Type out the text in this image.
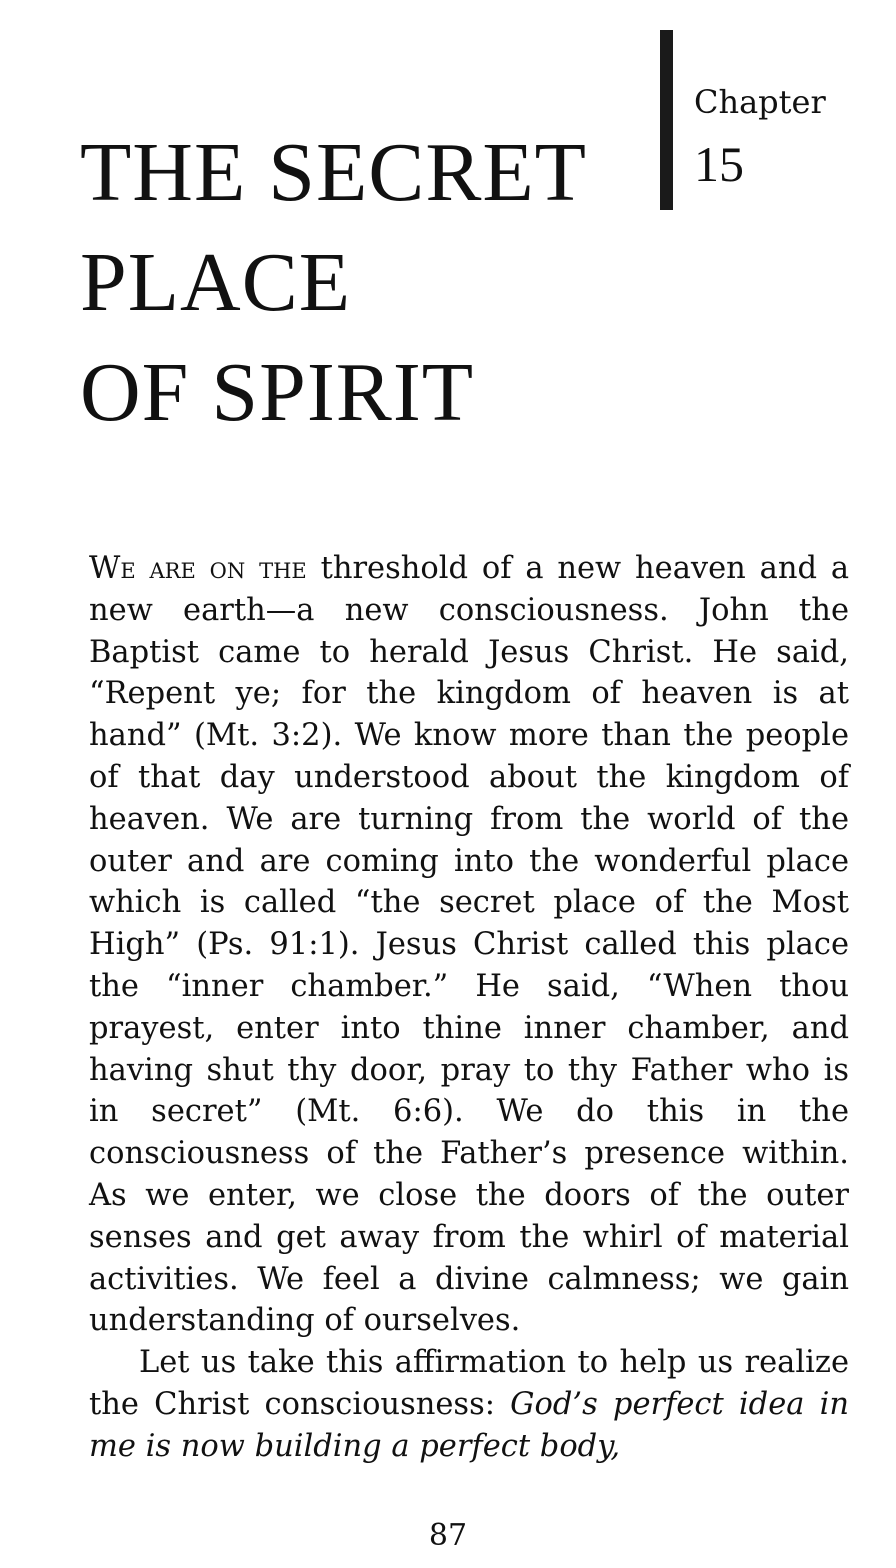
THE SECRET
PLACE
OF SPIRIT
Chapter
15

We are on the threshold of a new heaven and a new earth—a new consciousness. John the Baptist came to herald Jesus Christ. He said, “Repent ye; for the kingdom of heaven is at hand” (Mt. 3:2). We know more than the people of that day understood about the kingdom of heaven. We are turning from the world of the outer and are coming into the wonderful place which is called “the secret place of the Most High” (Ps. 91:1). Jesus Christ called this place the “inner chamber.” He said, “When thou prayest, enter into thine inner chamber, and having shut thy door, pray to thy Father who is in secret” (Mt. 6:6). We do this in the consciousness of the Father’s presence within. As we enter, we close the doors of the outer senses and get away from the whirl of material activities. We feel a divine calmness; we gain understanding of ourselves.

Let us take this affirmation to help us realize the Christ consciousness: God’s perfect idea in me is now building a perfect body,

87
